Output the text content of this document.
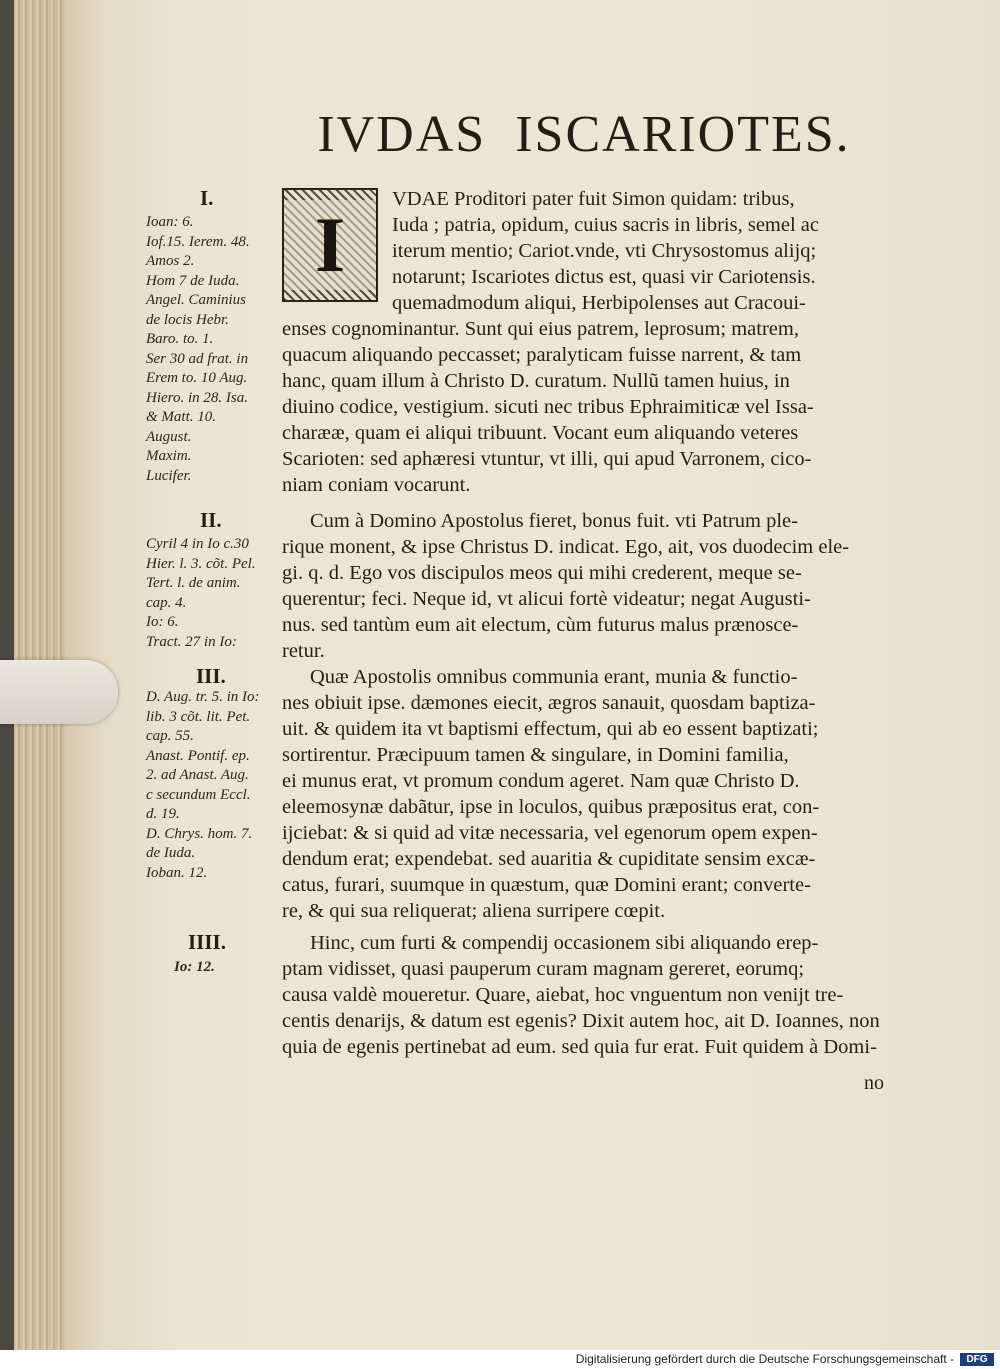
IVDAS ISCARIOTES.
I.
Ioan: 6.
Iof.15. Ierem. 48.
Amos 2.
Hom 7 de Iuda.
Angel. Caminius
de locis Hebr.
Baro. to. 1.
Ser 30 ad frat. in
Erem to. 10 Aug.
Hiero. in 28. Isa.
& Matt. 10.
August.
Maxim.
Lucifer.
I
VDAE Proditori pater fuit Simon quidam: tribus,
Iuda ; patria, opidum, cuius sacris in libris, semel ac
iterum mentio; Cariot.vnde, vti Chrysostomus alijq;
notarunt; Iscariotes dictus est, quasi vir Cariotensis.
quemadmodum aliqui, Herbipolenses aut Cracoui-
enses cognominantur. Sunt qui eius patrem, leprosum; matrem,
quacum aliquando peccasset; paralyticam fuisse narrent, & tam
hanc, quam illum à Christo D. curatum. Nullũ tamen huius, in
diuino codice, vestigium. sicuti nec tribus Ephraimiticæ vel Issa-
charææ, quam ei aliqui tribuunt. Vocant eum aliquando veteres
Scarioten: sed aphæresi vtuntur, vt illi, qui apud Varronem, cico-
niam coniam vocarunt.
II.
Cyril 4 in Io c.30
Hier. l. 3. cõt. Pel.
Tert. l. de anim.
cap. 4.
Io: 6.
Tract. 27 in Io:
Cum à Domino Apostolus fieret, bonus fuit. vti Patrum ple-
rique monent, & ipse Christus D. indicat. Ego, ait, vos duodecim ele-
gi. q. d. Ego vos discipulos meos qui mihi crederent, meque se-
querentur; feci. Neque id, vt alicui fortè videatur; negat Augusti-
nus. sed tantùm eum ait electum, cùm futurus malus prænosce-
retur.
III.
D. Aug. tr. 5. in Io:
lib. 3 cõt. lit. Pet.
cap. 55.
Anast. Pontif. ep.
2. ad Anast. Aug.
c secundum Eccl.
d. 19.
D. Chrys. hom. 7.
de Iuda.
Ioban. 12.
Quæ Apostolis omnibus communia erant, munia & functio-
nes obiuit ipse. dæmones eiecit, ægros sanauit, quosdam baptiza-
uit. & quidem ita vt baptismi effectum, qui ab eo essent baptizati;
sortirentur. Præcipuum tamen & singulare, in Domini familia,
ei munus erat, vt promum condum ageret. Nam quæ Christo D.
eleemosynæ dabãtur, ipse in loculos, quibus præpositus erat, con-
ijciebat: & si quid ad vitæ necessaria, vel egenorum opem expen-
dendum erat; expendebat. sed auaritia & cupiditate sensim excæ-
catus, furari, suumque in quæstum, quæ Domini erant; converte-
re, & qui sua reliquerat; aliena surripere cœpit.
IIII.
Io: 12.
Hinc, cum furti & compendij occasionem sibi aliquando erep-
ptam vidisset, quasi pauperum curam magnam gereret, eorumq;
causa valdè moueretur. Quare, aiebat, hoc vnguentum non venijt tre-
centis denarijs, & datum est egenis? Dixit autem hoc, ait D. Ioannes, non
quia de egenis pertinebat ad eum. sed quia fur erat. Fuit quidem à Domi-
no
Digitalisierung gefördert durch die Deutsche Forschungsgemeinschaft -	DFG
